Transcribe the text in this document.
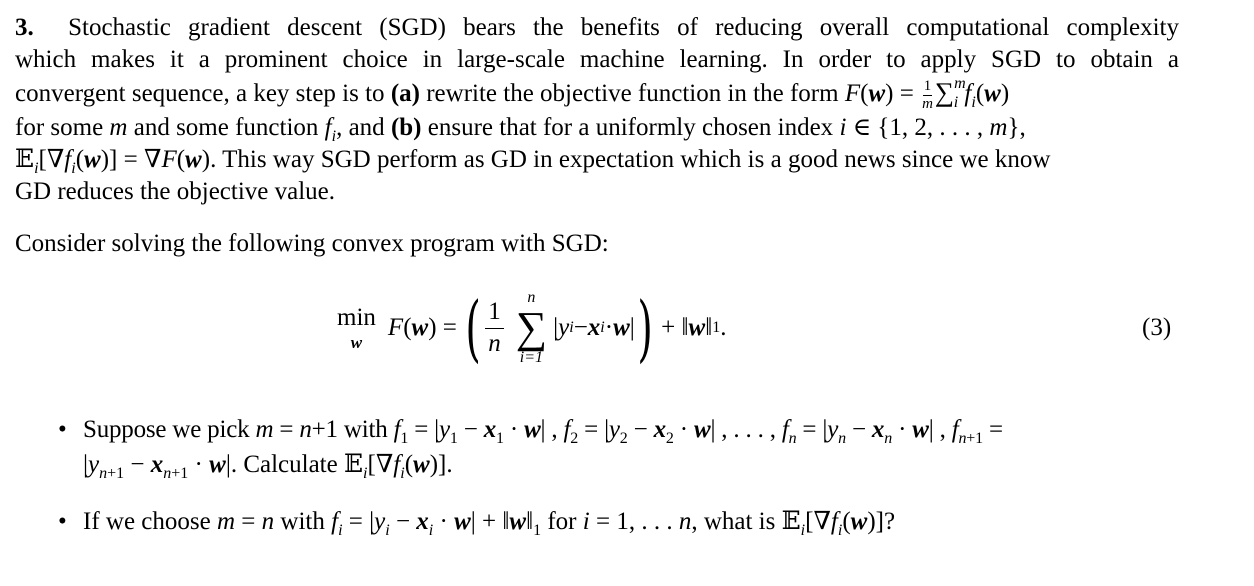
3. Stochastic gradient descent (SGD) bears the benefits of reducing overall computational complexity
which makes it a prominent choice in large-scale machine learning. In order to apply SGD to obtain a
convergent sequence, a key step is to (a) rewrite the objective function in the form $F(w) = \frac{1}{m} \sum^m_i$ $f_i(w)$
for some m and some function $f_i$, and (b) ensure that for a uniformly chosen index i ∈ {1, 2, . . . , m},
$𝔼_i[\nabla f_i(w)] = \nabla F(w)$. This way SGD perform as GD in expectation which is a good news since we know
GD reduces the objective value.
Consider solving the following convex program with SGD:
min
w
F ( w ) = ( $\frac{1}{n}$
n
∑
i=1
| y i − x i · w | ) + ‖ w ‖ 1 .	(3)
• Suppose we pick m = n+1 with $f_1 = |y_1 - x_1 \cdot w|$ , $f_2 = |y_2 - x_2 \cdot w|$ , . . . , $f_n = |y_n - x_n \cdot w|$ , $f_{n+1}$ =
$|y_{n+1} - x_{n+1} \cdot w|$. Calculate $𝔼_i[\nabla f_i(w)]$.
• If we choose m = n with $f_i = |y_i - x_i \cdot w|$ + $‖w‖_1$ for i = 1, . . . n, what is $𝔼_i[\nabla f_i(w)]$?
